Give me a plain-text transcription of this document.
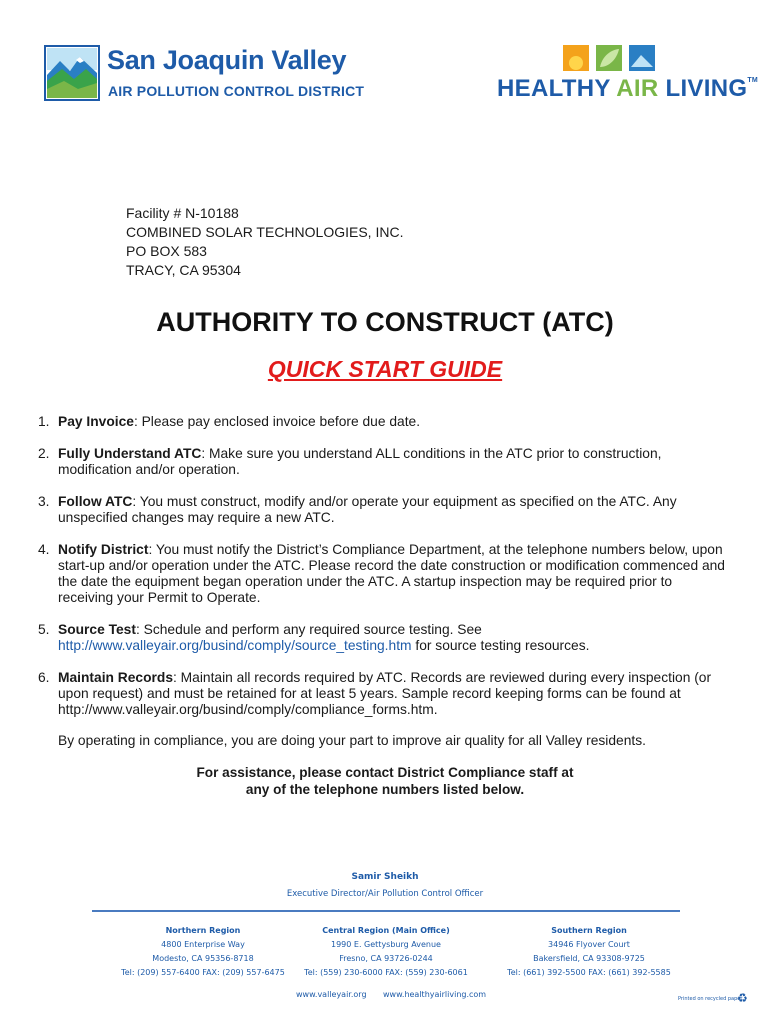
San Joaquin Valley
AIR POLLUTION CONTROL DISTRICT	HEALTHY AIR LIVING™
Facility # N-10188
COMBINED SOLAR TECHNOLOGIES, INC.
PO BOX 583
TRACY, CA 95304
AUTHORITY TO CONSTRUCT (ATC)
QUICK START GUIDE
1. Pay Invoice: Please pay enclosed invoice before due date.
2. Fully Understand ATC: Make sure you understand ALL conditions in the ATC prior to construction, modification and/or operation.
3. Follow ATC: You must construct, modify and/or operate your equipment as specified on the ATC. Any unspecified changes may require a new ATC.
4. Notify District: You must notify the District’s Compliance Department, at the telephone numbers below, upon start-up and/or operation under the ATC. Please record the date construction or modification commenced and the date the equipment began operation under the ATC. A startup inspection may be required prior to receiving your Permit to Operate.
5. Source Test: Schedule and perform any required source testing. See http://www.valleyair.org/busind/comply/source_testing.htm for source testing resources.
6. Maintain Records: Maintain all records required by ATC. Records are reviewed during every inspection (or upon request) and must be retained for at least 5 years. Sample record keeping forms can be found at http://www.valleyair.org/busind/comply/compliance_forms.htm.
By operating in compliance, you are doing your part to improve air quality for all Valley residents.
For assistance, please contact District Compliance staff at
any of the telephone numbers listed below.
Samir Sheikh
Executive Director/Air Pollution Control Officer
Northern Region
4800 Enterprise Way
Modesto, CA 95356-8718
Tel: (209) 557-6400 FAX: (209) 557-6475
Central Region (Main Office)
1990 E. Gettysburg Avenue
Fresno, CA 93726-0244
Tel: (559) 230-6000 FAX: (559) 230-6061
Southern Region
34946 Flyover Court
Bakersfield, CA 93308-9725
Tel: (661) 392-5500 FAX: (661) 392-5585
www.valleyair.org www.healthyairliving.com	Printed on recycled paper.
♻
